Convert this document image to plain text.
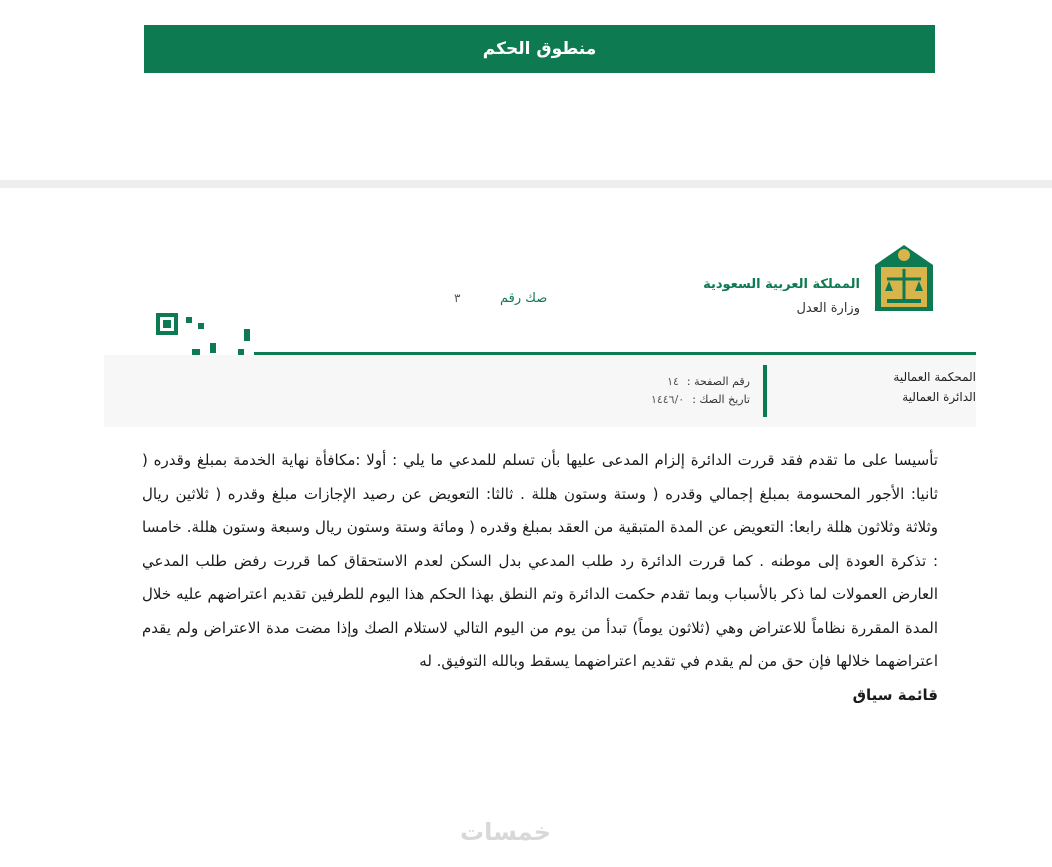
منطوق الحكم
المملكة العربية السعودية
وزارة العدل
صك رقم
٣
المحكمة العمالية
الدائرة العمالية
رقم الصفحة :
١٤
تاريخ الصك :
١٤٤٦/٠

تأسيسا على ما تقدم فقد قررت الدائرة إلزام المدعى عليها بأن تسلم للمدعي ما يلي : أولا :مكافأة نهاية الخدمة بمبلغ وقدره ( ثانيا: الأجور المحسومة بمبلغ إجمالي وقدره ( وستة وستون هللة . ثالثا: التعويض عن رصيد الإجازات مبلغ وقدره ( ثلاثين ريال وثلاثة وثلاثون هللة رابعا: التعويض عن المدة المتبقية من العقد بمبلغ وقدره ( ومائة وستة وستون ريال وسبعة وستون هللة. خامسا : تذكرة العودة إلى موطنه . كما قررت الدائرة رد طلب المدعي بدل السكن لعدم الاستحقاق كما قررت رفض طلب المدعي العارض العمولات لما ذكر بالأسباب وبما تقدم حكمت الدائرة وتم النطق بهذا الحكم هذا اليوم للطرفين تقديم اعتراضهم عليه خلال المدة المقررة نظاماً للاعتراض وهي (ثلاثون يوماً) تبدأ من يوم من اليوم التالي لاستلام الصك وإذا مضت مدة الاعتراض ولم يقدم اعتراضهما خلالها فإن حق من لم يقدم في تقديم اعتراضهما يسقط وبالله التوفيق. له

قائمة سياق

خمسات
